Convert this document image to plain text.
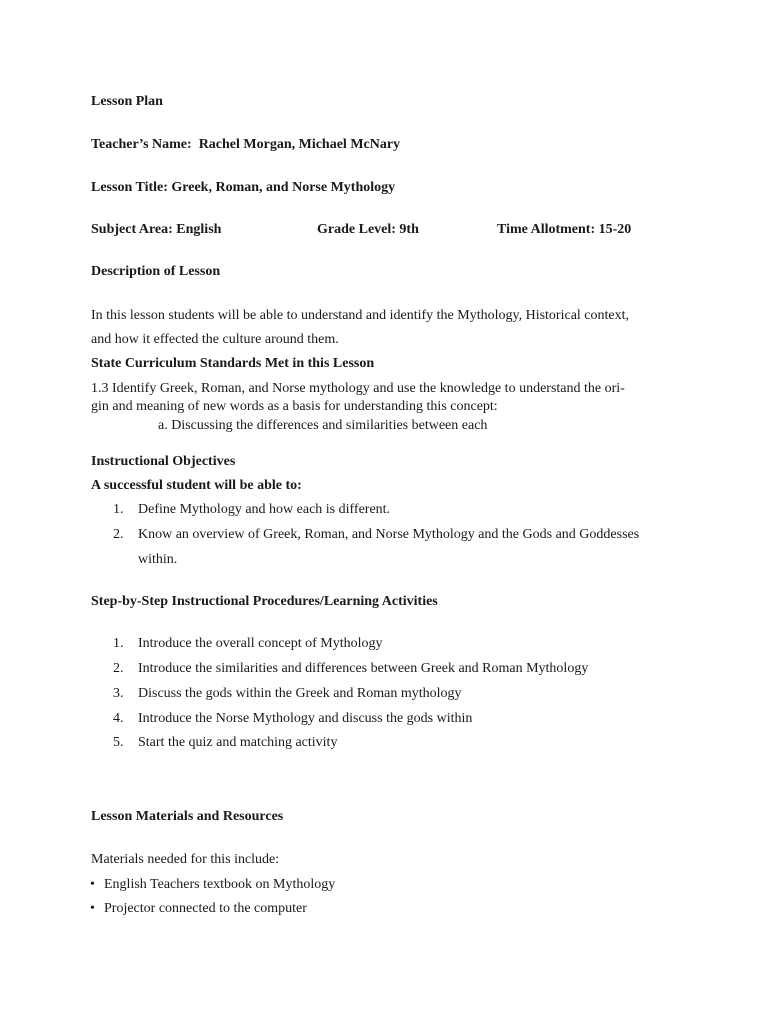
Lesson Plan
Teacher’s Name: Rachel Morgan, Michael McNary
Lesson Title: Greek, Roman, and Norse Mythology
Subject Area: English	Grade Level: 9th	Time Allotment: 15-20
Description of Lesson
In this lesson students will be able to understand and identify the Mythology, Historical context,
and how it effected the culture around them.
State Curriculum Standards Met in this Lesson
1.3 Identify Greek, Roman, and Norse mythology and use the knowledge to understand the ori-
gin and meaning of new words as a basis for understanding this concept:
a. Discussing the differences and similarities between each
Instructional Objectives
A successful student will be able to:
1. Define Mythology and how each is different.
2. Know an overview of Greek, Roman, and Norse Mythology and the Gods and Goddesses
within.
Step-by-Step Instructional Procedures/Learning Activities
1. Introduce the overall concept of Mythology
2. Introduce the similarities and differences between Greek and Roman Mythology
3. Discuss the gods within the Greek and Roman mythology
4. Introduce the Norse Mythology and discuss the gods within
5. Start the quiz and matching activity
Lesson Materials and Resources
Materials needed for this include:
• English Teachers textbook on Mythology
• Projector connected to the computer
